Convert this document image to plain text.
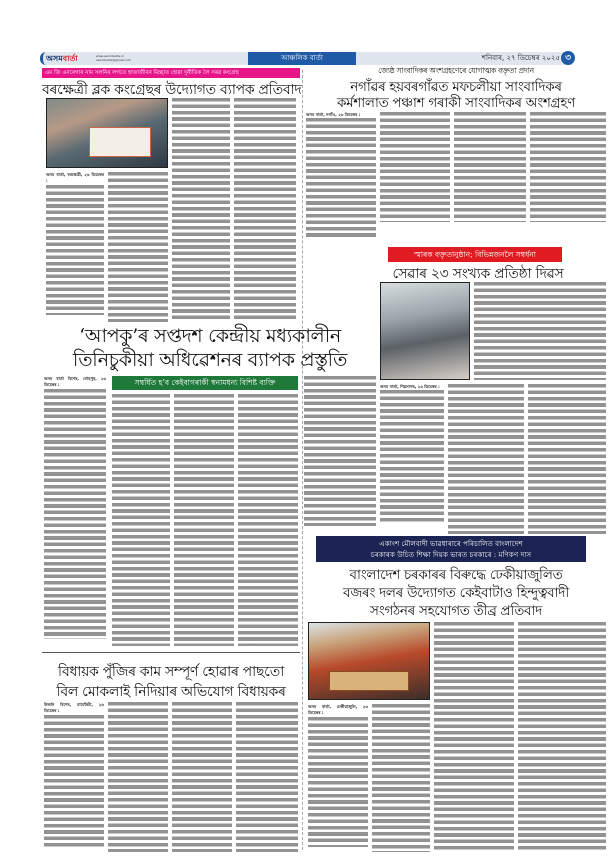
অসমবাৰ্তা	www.asombarta.in
asombarta@gmail.com	আঞ্চলিক বাৰ্তা	শনিবাৰ, ২৭ ডিচেম্বৰ ২০২৫ ৩
এম জি এনৰেগাৰ নাম সলনিৰ লগতে হাজাজীবন মিচ্ছাত হোৱা দুৰ্নীতিক লৈ সৰৱ কংগ্ৰেছ
বৰক্ষেত্ৰী ব্লক কংগ্ৰেছৰ উদ্যোগত ব্যাপক প্ৰতিবাদ
অসম বাৰ্তা, বৰক্ষেত্ৰী, ২৬ ডিচেম্বৰ :
জ্যেষ্ঠ সাংবাদিকৰ অংশগ্ৰহণেৰে যোগাত্মক বক্তৃতা প্ৰদান
নগাঁৱৰ হয়বৰগাঁৱত মফচলীয়া সাংবাদিকৰ
কৰ্মশালাত পঞ্চাশ গৰাকী সাংবাদিকৰ অংশগ্ৰহণ
অসম বাৰ্তা, নগাঁও, ২৬ ডিচেম্বৰ :
স্মাৰক বক্তৃতানুষ্ঠান; বিভিন্নজনলৈ সম্বৰ্ধনা
সেৱাৰ ২৩ সংখ্যক প্ৰতিষ্ঠা দিৱস
অসম বাৰ্তা, শিৱসাগৰ, ২৬ ডিচেম্বৰ :
‘আপকু’ৰ সপ্তদশ কেন্দ্ৰীয় মধ্যকালীন
তিনিচুকীয়া অধিৱেশনৰ ব্যাপক প্ৰস্তুতি
অসম বাৰ্তা বিশেষ, গোহপুৰ, ২৬ ডিচেম্বৰ :	সম্বৰ্ধিত হ’ব কেইবাগৰাকী স্বনামধন্য বিশিষ্ট ব্যক্তি
একাংশ মৌলবাদী ভাৱধাৰাৰে পৰিচালিত বাংলাদেশ
চৰকাৰক উচিত শিক্ষা দিয়ক ভাৰত চৰকাৰে : মণিকণ দাস
বাংলাদেশ চৰকাৰৰ বিৰুদ্ধে ঢেকীয়াজুলিত
বজৰং দলৰ উদ্যোগত কেইবাটাও হিন্দুত্ববাদী
সংগঠনৰ সহযোগত তীব্ৰ প্ৰতিবাদ
অসম বাৰ্তা, ঢেকীয়াজুলি, ২৬ ডিচেম্বৰ :
বিধায়ক পুঁজিৰ কাম সম্পূৰ্ণ হোৱাৰ পাছতো
বিল মোকলাই নিদিয়াৰ অভিযোগ বিধায়কৰ
উজনি বিশেষ, মাৰ্ঘেৰিটা, ২৬ ডিচেম্বৰ :
